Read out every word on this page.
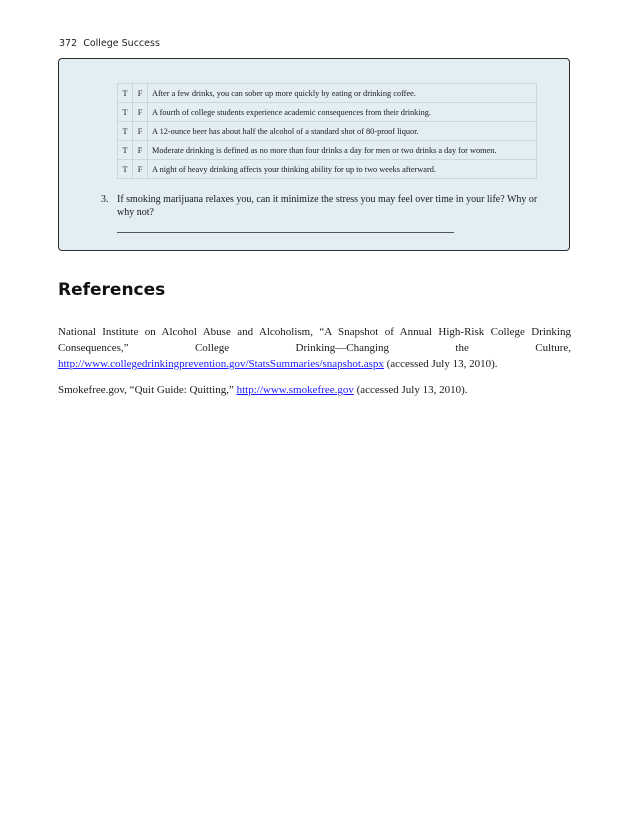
372 College Success
T	F	After a few drinks, you can sober up more quickly by eating or drinking coffee.
T	F	A fourth of college students experience academic consequences from their drinking.
T	F	A 12-ounce beer has about half the alcohol of a standard shot of 80-proof liquor.
T	F	Moderate drinking is defined as no more than four drinks a day for men or two drinks a day for women.
T	F	A night of heavy drinking affects your thinking ability for up to two weeks afterward.
3. If smoking marijuana relaxes you, can it minimize the stress you may feel over time in your life? Why or why not?
References

National Institute on Alcohol Abuse and Alcoholism, “A Snapshot of Annual High-Risk College Drinking Consequences,” College Drinking—Changing the Culture, http://www.collegedrinkingprevention.gov/StatsSummaries/snapshot.aspx (accessed July 13, 2010).

Smokefree.gov, “Quit Guide: Quitting,” http://www.smokefree.gov (accessed July 13, 2010).
